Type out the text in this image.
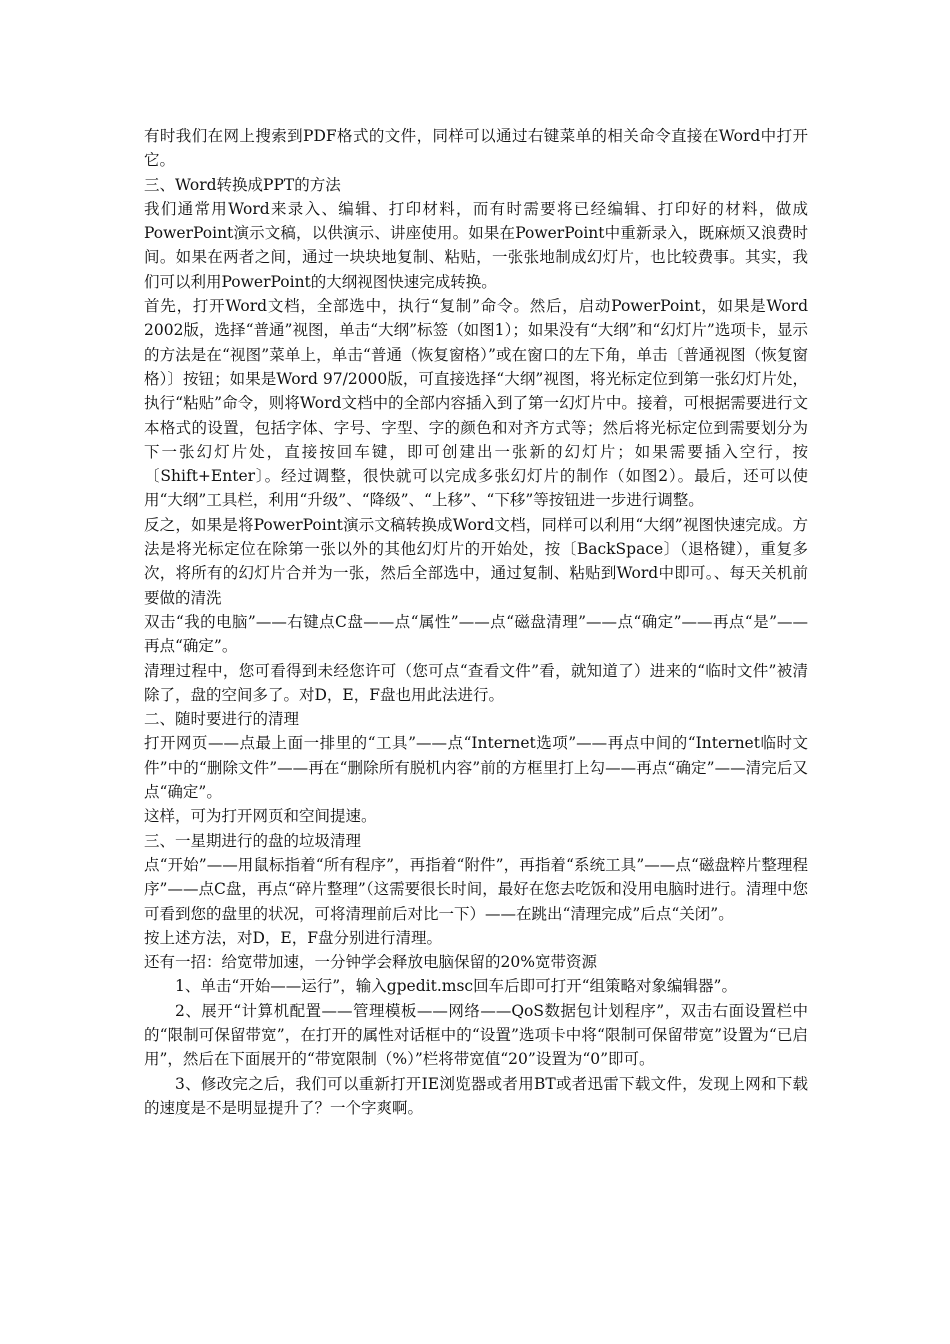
有时我们在网上搜索到PDF格式的文件，同样可以通过右键菜单的相关命令直接在Word中打开它。

三、Word转换成PPT的方法

我们通常用Word来录入、编辑、打印材料，而有时需要将已经编辑、打印好的材料，做成PowerPoint演示文稿，以供演示、讲座使用。如果在PowerPoint中重新录入，既麻烦又浪费时间。如果在两者之间，通过一块块地复制、粘贴，一张张地制成幻灯片，也比较费事。其实，我们可以利用PowerPoint的大纲视图快速完成转换。

首先，打开Word文档，全部选中，执行“复制”命令。然后，启动PowerPoint，如果是Word 2002版，选择“普通”视图，单击“大纲”标签（如图1）；如果没有“大纲”和“幻灯片”选项卡，显示的方法是在“视图”菜单上，单击“普通（恢复窗格）”或在窗口的左下角，单击〔普通视图（恢复窗格）〕按钮；如果是Word 97/2000版，可直接选择“大纲”视图，将光标定位到第一张幻灯片处，执行“粘贴”命令，则将Word文档中的全部内容插入到了第一幻灯片中。接着，可根据需要进行文本格式的设置，包括字体、字号、字型、字的颜色和对齐方式等；然后将光标定位到需要划分为下一张幻灯片处，直接按回车键，即可创建出一张新的幻灯片；如果需要插入空行，按〔Shift+Enter〕。经过调整，很快就可以完成多张幻灯片的制作（如图2）。最后，还可以使用“大纲”工具栏，利用“升级”、“降级”、“上移”、“下移”等按钮进一步进行调整。

反之，如果是将PowerPoint演示文稿转换成Word文档，同样可以利用“大纲”视图快速完成。方法是将光标定位在除第一张以外的其他幻灯片的开始处，按〔BackSpace〕（退格键），重复多次，将所有的幻灯片合并为一张，然后全部选中，通过复制、粘贴到Word中即可。、每天关机前要做的清洗

双击“我的电脑”——右键点C盘——点“属性”——点“磁盘清理”——点“确定”——再点“是”——再点“确定”。

清理过程中，您可看得到未经您许可（您可点“查看文件”看，就知道了）进来的“临时文件”被清除了，盘的空间多了。对D，E，F盘也用此法进行。

二、随时要进行的清理

打开网页——点最上面一排里的“工具”——点“Internet选项”——再点中间的“Internet临时文件”中的“删除文件”——再在“删除所有脱机内容”前的方框里打上勾——再点“确定”——清完后又点“确定”。

这样，可为打开网页和空间提速。

三、一星期进行的盘的垃圾清理

点“开始”——用鼠标指着“所有程序”，再指着“附件”，再指着“系统工具”——点“磁盘粹片整理程序”——点C盘，再点“碎片整理”（这需要很长时间，最好在您去吃饭和没用电脑时进行。清理中您可看到您的盘里的状况，可将清理前后对比一下）——在跳出“清理完成”后点“关闭”。

按上述方法，对D，E，F盘分别进行清理。

还有一招：给宽带加速，一分钟学会释放电脑保留的20%宽带资源

1、单击“开始——运行”，输入gpedit.msc回车后即可打开“组策略对象编辑器”。

2、展开“计算机配置——管理模板——网络——QoS数据包计划程序”，双击右面设置栏中的“限制可保留带宽”，在打开的属性对话框中的“设置”选项卡中将“限制可保留带宽”设置为“已启用”，然后在下面展开的“带宽限制（%）”栏将带宽值“20”设置为“0”即可。

3、修改完之后，我们可以重新打开IE浏览器或者用BT或者迅雷下载文件，发现上网和下载的速度是不是明显提升了？一个字爽啊。
